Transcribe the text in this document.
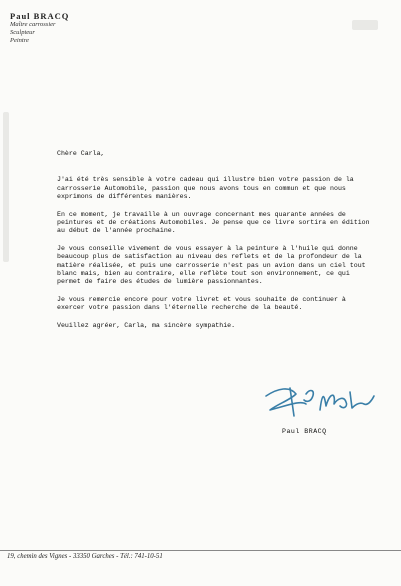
Paul BRACQ
Maître carrossier
Sculpteur
Peintre

Chère Carla,

J'ai été très sensible à votre cadeau qui illustre bien votre passion de la carrosserie Automobile, passion que nous avons tous en commun et que nous exprimons de différentes manières.

En ce moment, je travaille à un ouvrage concernant mes quarante années de peintures et de créations Automobiles. Je pense que ce livre sortira en édition au début de l'année prochaine.

Je vous conseille vivement de vous essayer à la peinture à l'huile qui donne beaucoup plus de satisfaction au niveau des reflets et de la profondeur de la matière réalisée, et puis une carrosserie n'est pas un avion dans un ciel tout blanc mais, bien au contraire, elle reflète tout son environnement, ce qui permet de faire des études de lumière passionnantes.

Je vous remercie encore pour votre livret et vous souhaite de continuer à exercer votre passion dans l'éternelle recherche de la beauté.

Veuillez agréer, Carla, ma sincère sympathie.

Paul BRACQ
19, chemin des Vignes - 33350 Garches - Tél.: 741-10-51
